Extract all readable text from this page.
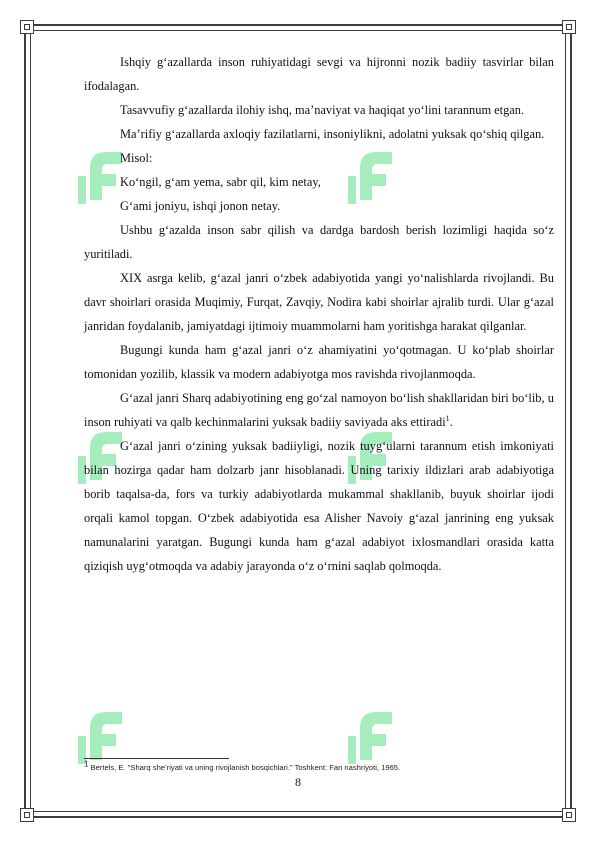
Ishqiy g‘azallarda inson ruhiyatidagi sevgi va hijronni nozik badiiy tasvirlar bilan ifodalagan.

Tasavvufiy g‘azallarda ilohiy ishq, ma’naviyat va haqiqat yo‘lini tarannum etgan.

Ma’rifiy g‘azallarda axloqiy fazilatlarni, insoniylikni, adolatni yuksak qo‘shiq qilgan.

Misol:

Ko‘ngil, g‘am yema, sabr qil, kim netay,

G‘ami joniyu, ishqi jonon netay.

Ushbu g‘azalda inson sabr qilish va dardga bardosh berish lozimligi haqida so‘z yuritiladi.

XIX asrga kelib, g‘azal janri o‘zbek adabiyotida yangi yo‘nalishlarda rivojlandi. Bu davr shoirlari orasida Muqimiy, Furqat, Zavqiy, Nodira kabi shoirlar ajralib turdi. Ular g‘azal janridan foydalanib, jamiyatdagi ijtimoiy muammolarni ham yoritishga harakat qilganlar.

Bugungi kunda ham g‘azal janri o‘z ahamiyatini yo‘qotmagan. U ko‘plab shoirlar tomonidan yozilib, klassik va modern adabiyotga mos ravishda rivojlanmoqda.

G‘azal janri Sharq adabiyotining eng go‘zal namoyon bo‘lish shakllaridan biri bo‘lib, u inson ruhiyati va qalb kechinmalarini yuksak badiiy saviyada aks ettiradi$^1$.

G‘azal janri o‘zining yuksak badiiyligi, nozik tuyg‘ularni tarannum etish imkoniyati bilan hozirga qadar ham dolzarb janr hisoblanadi. Uning tarixiy ildizlari arab adabiyotiga borib taqalsa-da, fors va turkiy adabiyotlarda mukammal shakllanib, buyuk shoirlar ijodi orqali kamol topgan. O‘zbek adabiyotida esa Alisher Navoiy g‘azal janrining eng yuksak namunalarini yaratgan. Bugungi kunda ham g‘azal adabiyot ixlosmandlari orasida katta qiziqish uyg‘otmoqda va adabiy jarayonda o‘z o‘rnini saqlab qolmoqda.

$^1$ Bertels, E. "Sharq she’riyati va uning rivojlanish bosqichlari." Toshkent: Fan nashriyoti, 1965.
8
